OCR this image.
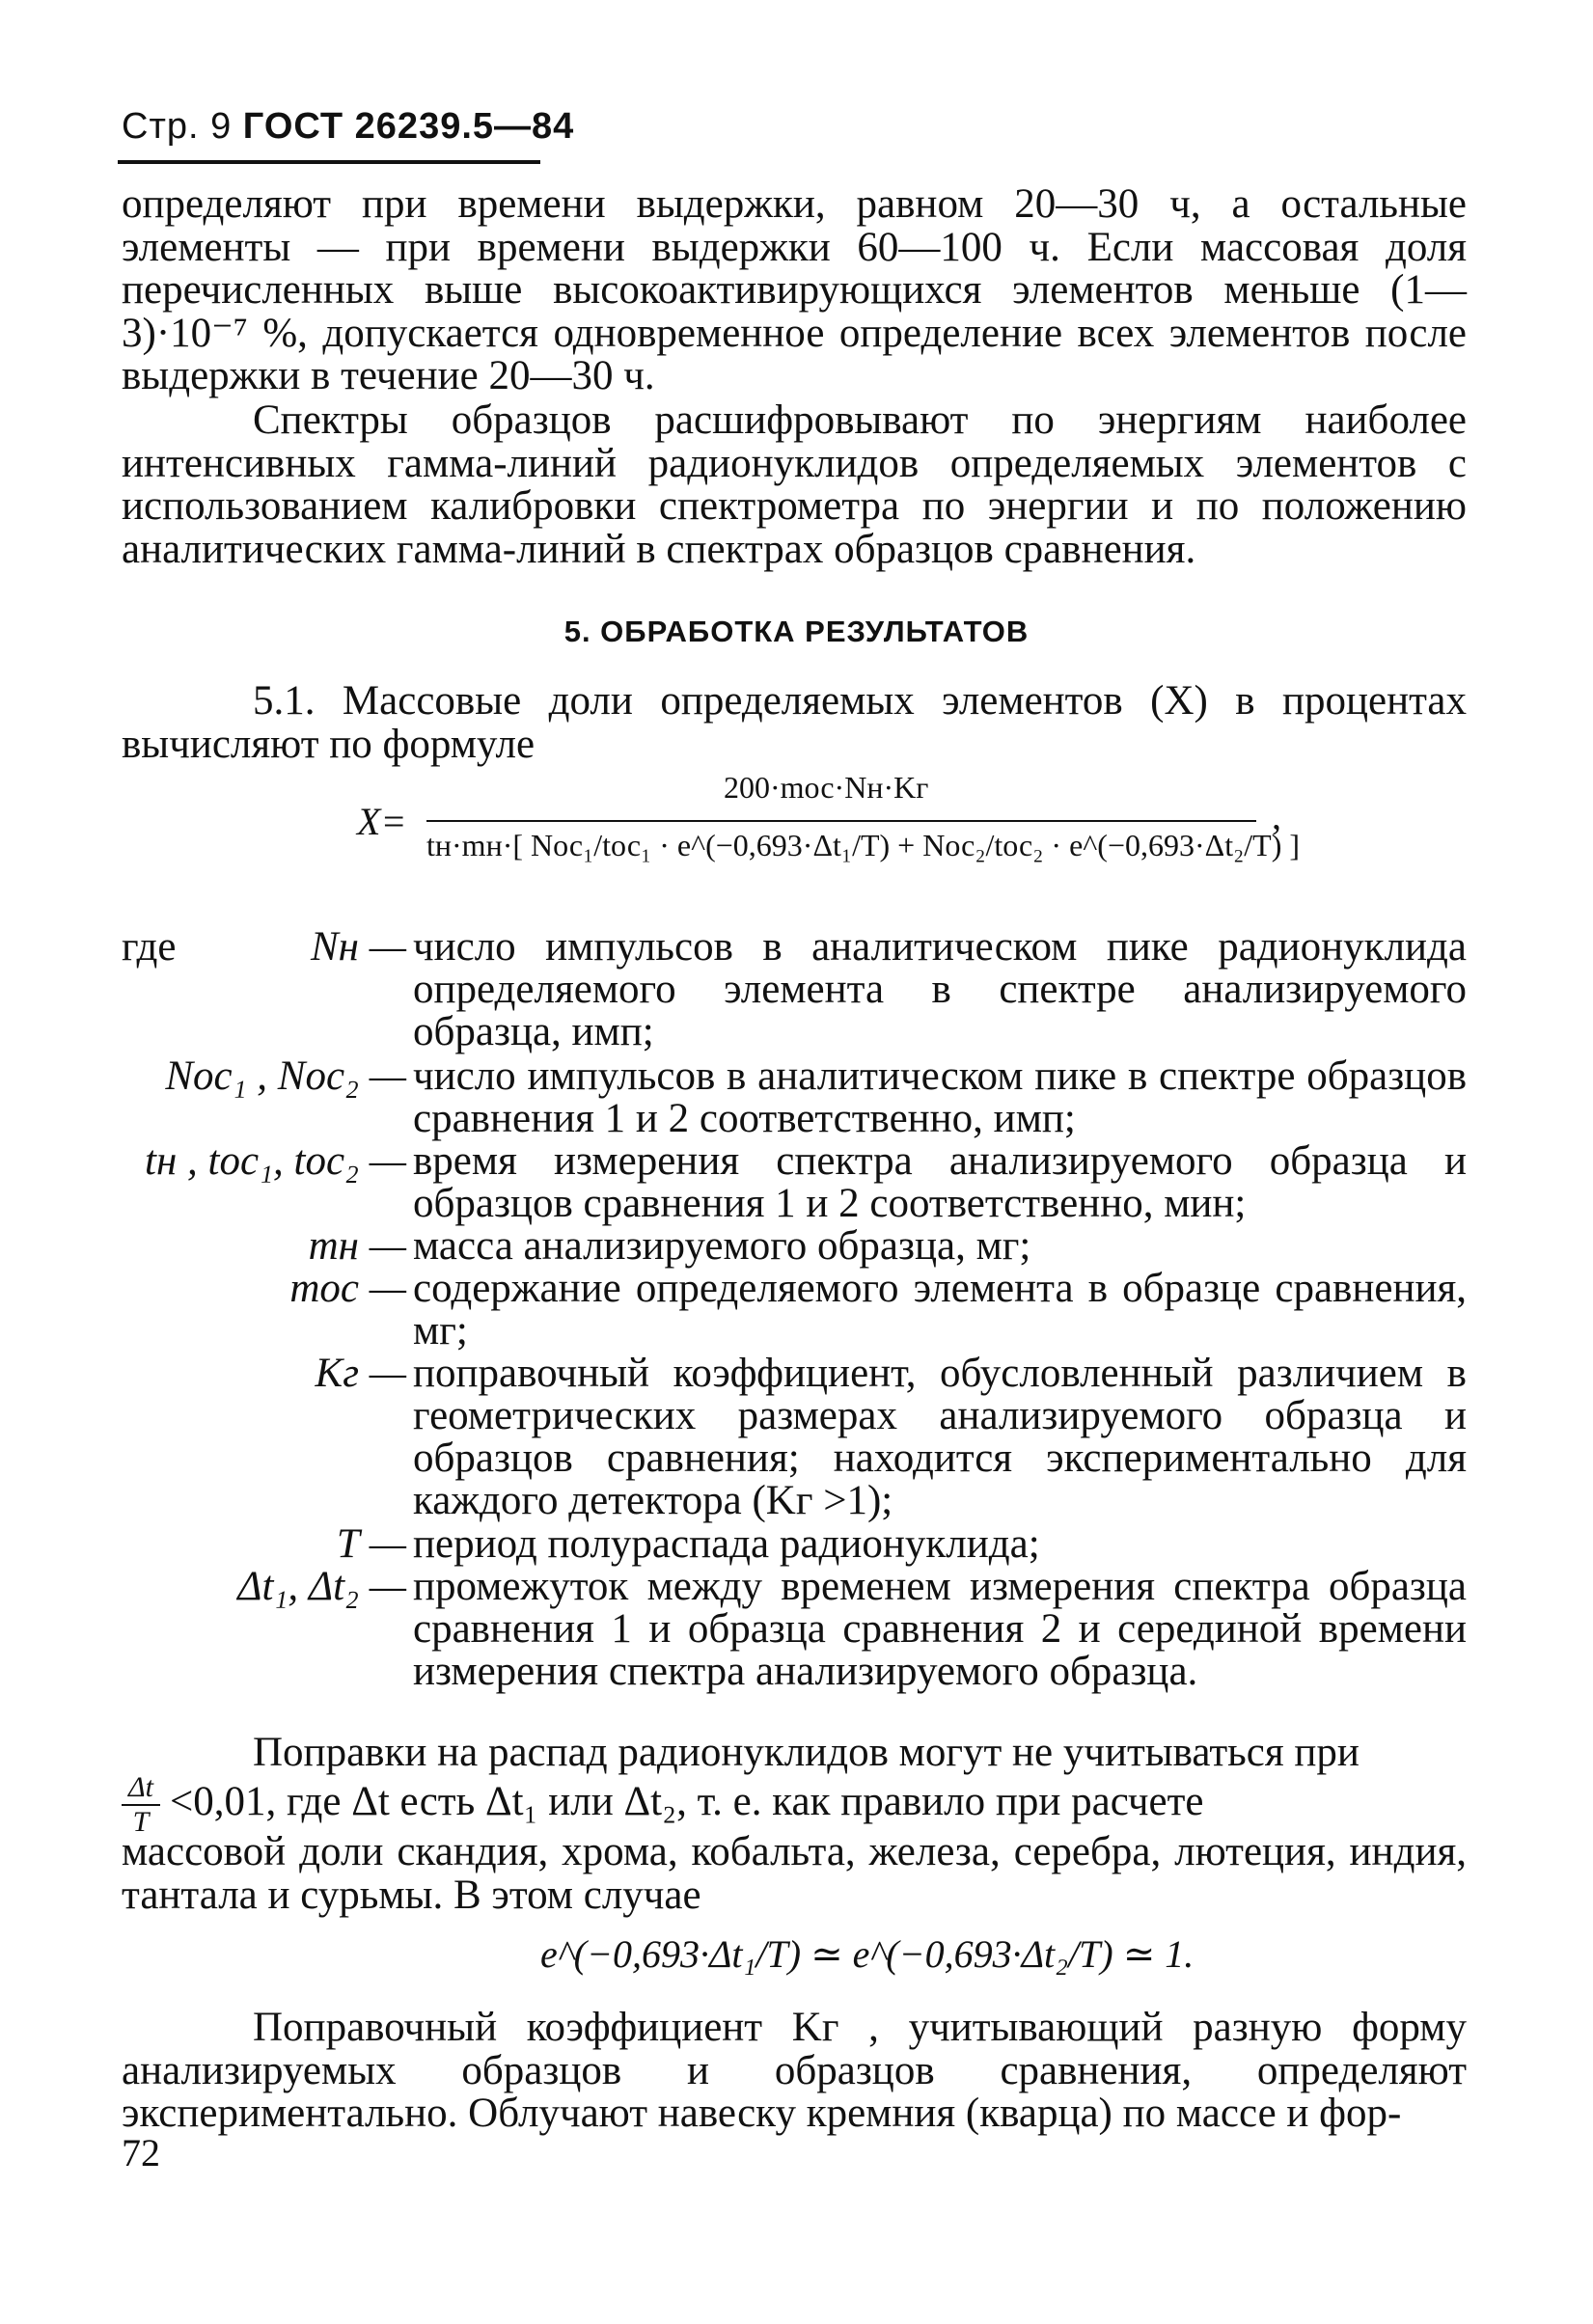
Стр. 9 ГОСТ 26239.5—84

определяют при времени выдержки, равном 20—30 ч, а остальные элементы — при времени выдержки 60—100 ч. Если массовая доля перечисленных выше высокоактивирующихся элементов меньше (1—3)·10⁻⁷ %, допускается одновременное определение всех элементов после выдержки в течение 20—30 ч.

Спектры образцов расшифровывают по энергиям наиболее интенсивных гамма-линий радионуклидов определяемых элементов с использованием калибровки спектрометра по энергии и по положению аналитических гамма-линий в спектрах образцов сравнения.

5. ОБРАБОТКА РЕЗУЛЬТАТОВ

5.1. Массовые доли определяемых элементов (X) в процентах вычисляют по формуле

X=
200·mос·Nн·Kг
tн·mн·[ Nос₁/tос₁ · e^(−0,693·Δt₁/T) + Nос₂/tос₂ · e^(−0,693·Δt₂/T) ]
,
где	Nн — число импульсов в аналитическом пике радионуклида определяемого элемента в спектре анализируемого образца, имп;
Nос₁ , Nос₂ — число импульсов в аналитическом пике в спектре образцов сравнения 1 и 2 соответственно, имп;
tн , tос₁, tос₂ — время измерения спектра анализируемого образца и образцов сравнения 1 и 2 соответственно, мин;
mн — масса анализируемого образца, мг;
mос — содержание определяемого элемента в образце сравнения, мг;
Kг — поправочный коэффициент, обусловленный различием в геометрических размерах анализируемого образца и образцов сравнения; находится экспериментально для каждого детектора (Kг >1);
T — период полураспада радионуклида;
Δt₁, Δt₂ — промежуток между временем измерения спектра образца сравнения 1 и образца сравнения 2 и серединой времени измерения спектра анализируемого образца.

Поправки на распад радионуклидов могут не учитываться при

Δt
T <0,01, где Δt есть Δt₁ или Δt₂, т. е. как правило при расчете

массовой доли скандия, хрома, кобальта, железа, серебра, лютеция, индия, тантала и сурьмы. В этом случае

e^(−0,693·Δt₁/T) ≃ e^(−0,693·Δt₂/T) ≃ 1.

Поправочный коэффициент Kг , учитывающий разную форму анализируемых образцов и образцов сравнения, определяют экспериментально. Облучают навеску кремния (кварца) по массе и фор-

72
